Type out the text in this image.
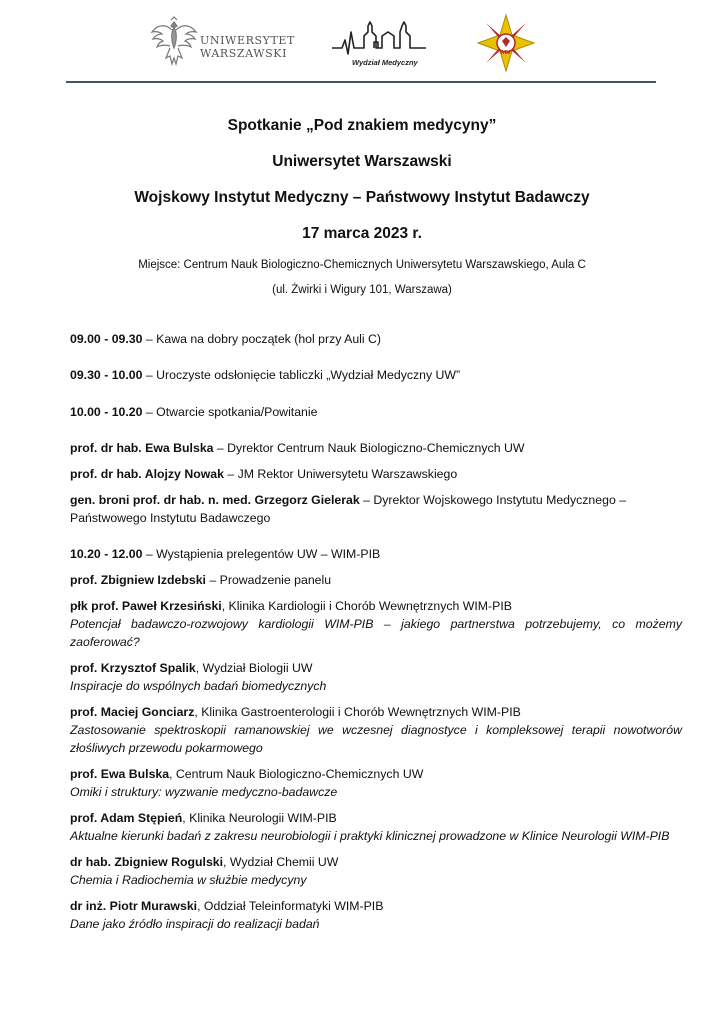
UNIWERSYTET
WARSZAWSKI
Wydział Medyczny
WIM
Spotkanie „Pod znakiem medycyny”
Uniwersytet Warszawski
Wojskowy Instytut Medyczny – Państwowy Instytut Badawczy
17 marca 2023 r.
Miejsce: Centrum Nauk Biologiczno-Chemicznych Uniwersytetu Warszawskiego, Aula C
(ul. Żwirki i Wigury 101, Warszawa)

09.00 - 09.30 – Kawa na dobry początek (hol przy Auli C)

09.30 - 10.00 – Uroczyste odsłonięcie tabliczki „Wydział Medyczny UW”

10.00 - 10.20 – Otwarcie spotkania/Powitanie

prof. dr hab. Ewa Bulska – Dyrektor Centrum Nauk Biologiczno-Chemicznych UW

prof. dr hab. Alojzy Nowak – JM Rektor Uniwersytetu Warszawskiego

gen. broni prof. dr hab. n. med. Grzegorz Gielerak – Dyrektor Wojskowego Instytutu Medycznego – Państwowego Instytutu Badawczego

10.20 - 12.00 – Wystąpienia prelegentów UW – WIM-PIB

prof. Zbigniew Izdebski – Prowadzenie panelu

płk prof. Paweł Krzesiński, Klinika Kardiologii i Chorób Wewnętrznych WIM-PIB
Potencjał badawczo-rozwojowy kardiologii WIM-PIB – jakiego partnerstwa potrzebujemy, co możemy zaoferować?
prof. Krzysztof Spalik, Wydział Biologii UW
Inspiracje do wspólnych badań biomedycznych
prof. Maciej Gonciarz, Klinika Gastroenterologii i Chorób Wewnętrznych WIM-PIB
Zastosowanie spektroskopii ramanowskiej we wczesnej diagnostyce i kompleksowej terapii nowotworów złośliwych przewodu pokarmowego
prof. Ewa Bulska, Centrum Nauk Biologiczno-Chemicznych UW
Omiki i struktury: wyzwanie medyczno-badawcze
prof. Adam Stępień, Klinika Neurologii WIM-PIB
Aktualne kierunki badań z zakresu neurobiologii i praktyki klinicznej prowadzone w Klinice Neurologii WIM-PIB
dr hab. Zbigniew Rogulski, Wydział Chemii UW
Chemia i Radiochemia w służbie medycyny
dr inż. Piotr Murawski, Oddział Teleinformatyki WIM-PIB
Dane jako źródło inspiracji do realizacji badań
